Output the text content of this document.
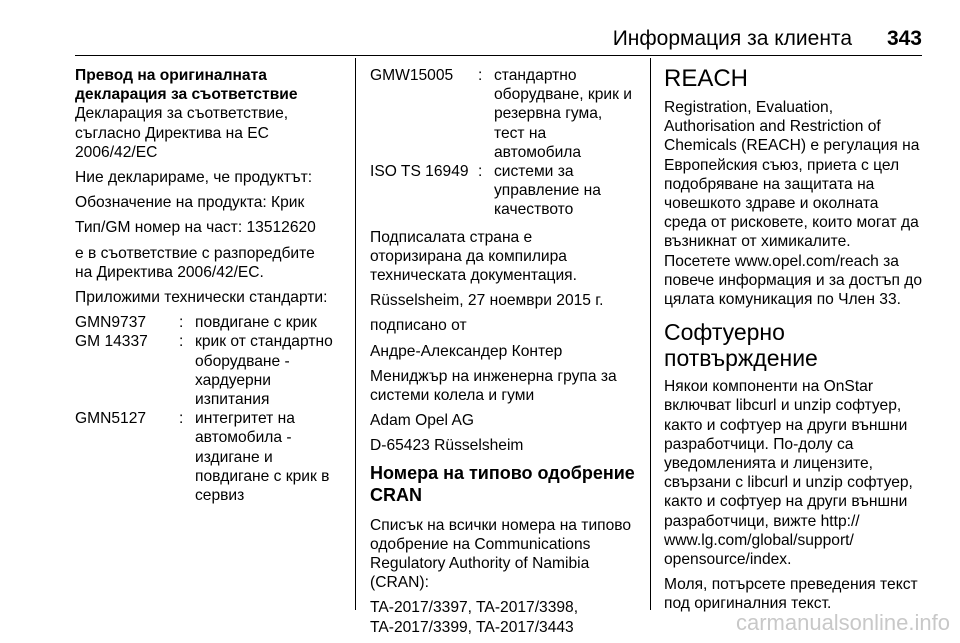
Информация за клиента 343

Превод на оригиналната
декларация за съответствие

Декларация за съответствие,
съгласно Директива на ЕС
2006/42/ЕС

Ние декларираме, че продуктът:

Обозначение на продукта: Крик

Тип/GM номер на част: 13512620

е в съответствие с разпоредбите
на Директива 2006/42/ЕС.

Приложими технически стандарти:

GMN9737	:	повдигане с крик
GM 14337	:	крик от стандартно
оборудване -
хардуерни
изпитания
GMN5127	:	интегритет на
автомобила -
издигане и
повдигане с крик в
сервиз
GMW15005	:	стандартно
оборудване, крик и
резервна гума,
тест на
автомобила
ISO TS 16949	:	системи за
управление на
качеството

Подписалата страна е
оторизирана да компилира
техническата документация.

Rüsselsheim, 27 ноември 2015 г.

подписано от

Андре-Александер Контер

Мениджър на инженерна група за
системи колела и гуми

Adam Opel AG

D-65423 Rüsselsheim

Номера на типово одобрение
CRAN

Списък на всички номера на типово
одобрение на Communications
Regulatory Authority of Namibia
(CRAN):

TA-2017/3397, TA-2017/3398,
TA-2017/3399, TA-2017/3443

REACH

Registration, Evaluation,
Authorisation and Restriction of
Chemicals (REACH) е регулация на
Европейския съюз, приета с цел
подобряване на защитата на
човешкото здраве и околната
среда от рисковете, които могат да
възникнат от химикалите.
Посетете www.opel.com/reach за
повече информация и за достъп до
цялата комуникация по Член 33.

Софтуерно потвърждение

Някои компоненти на OnStar
включват libcurl и unzip софтуер,
както и софтуер на други външни
разработчици. По-долу са
уведомленията и лицензите,
свързани с libcurl и unzip софтуер,
както и софтуер на други външни
разработчици, вижте http://
www.lg.com/global/support/
opensource/index.

Моля, потърсете преведения текст
под оригиналния текст.

carmanualsonline.info
